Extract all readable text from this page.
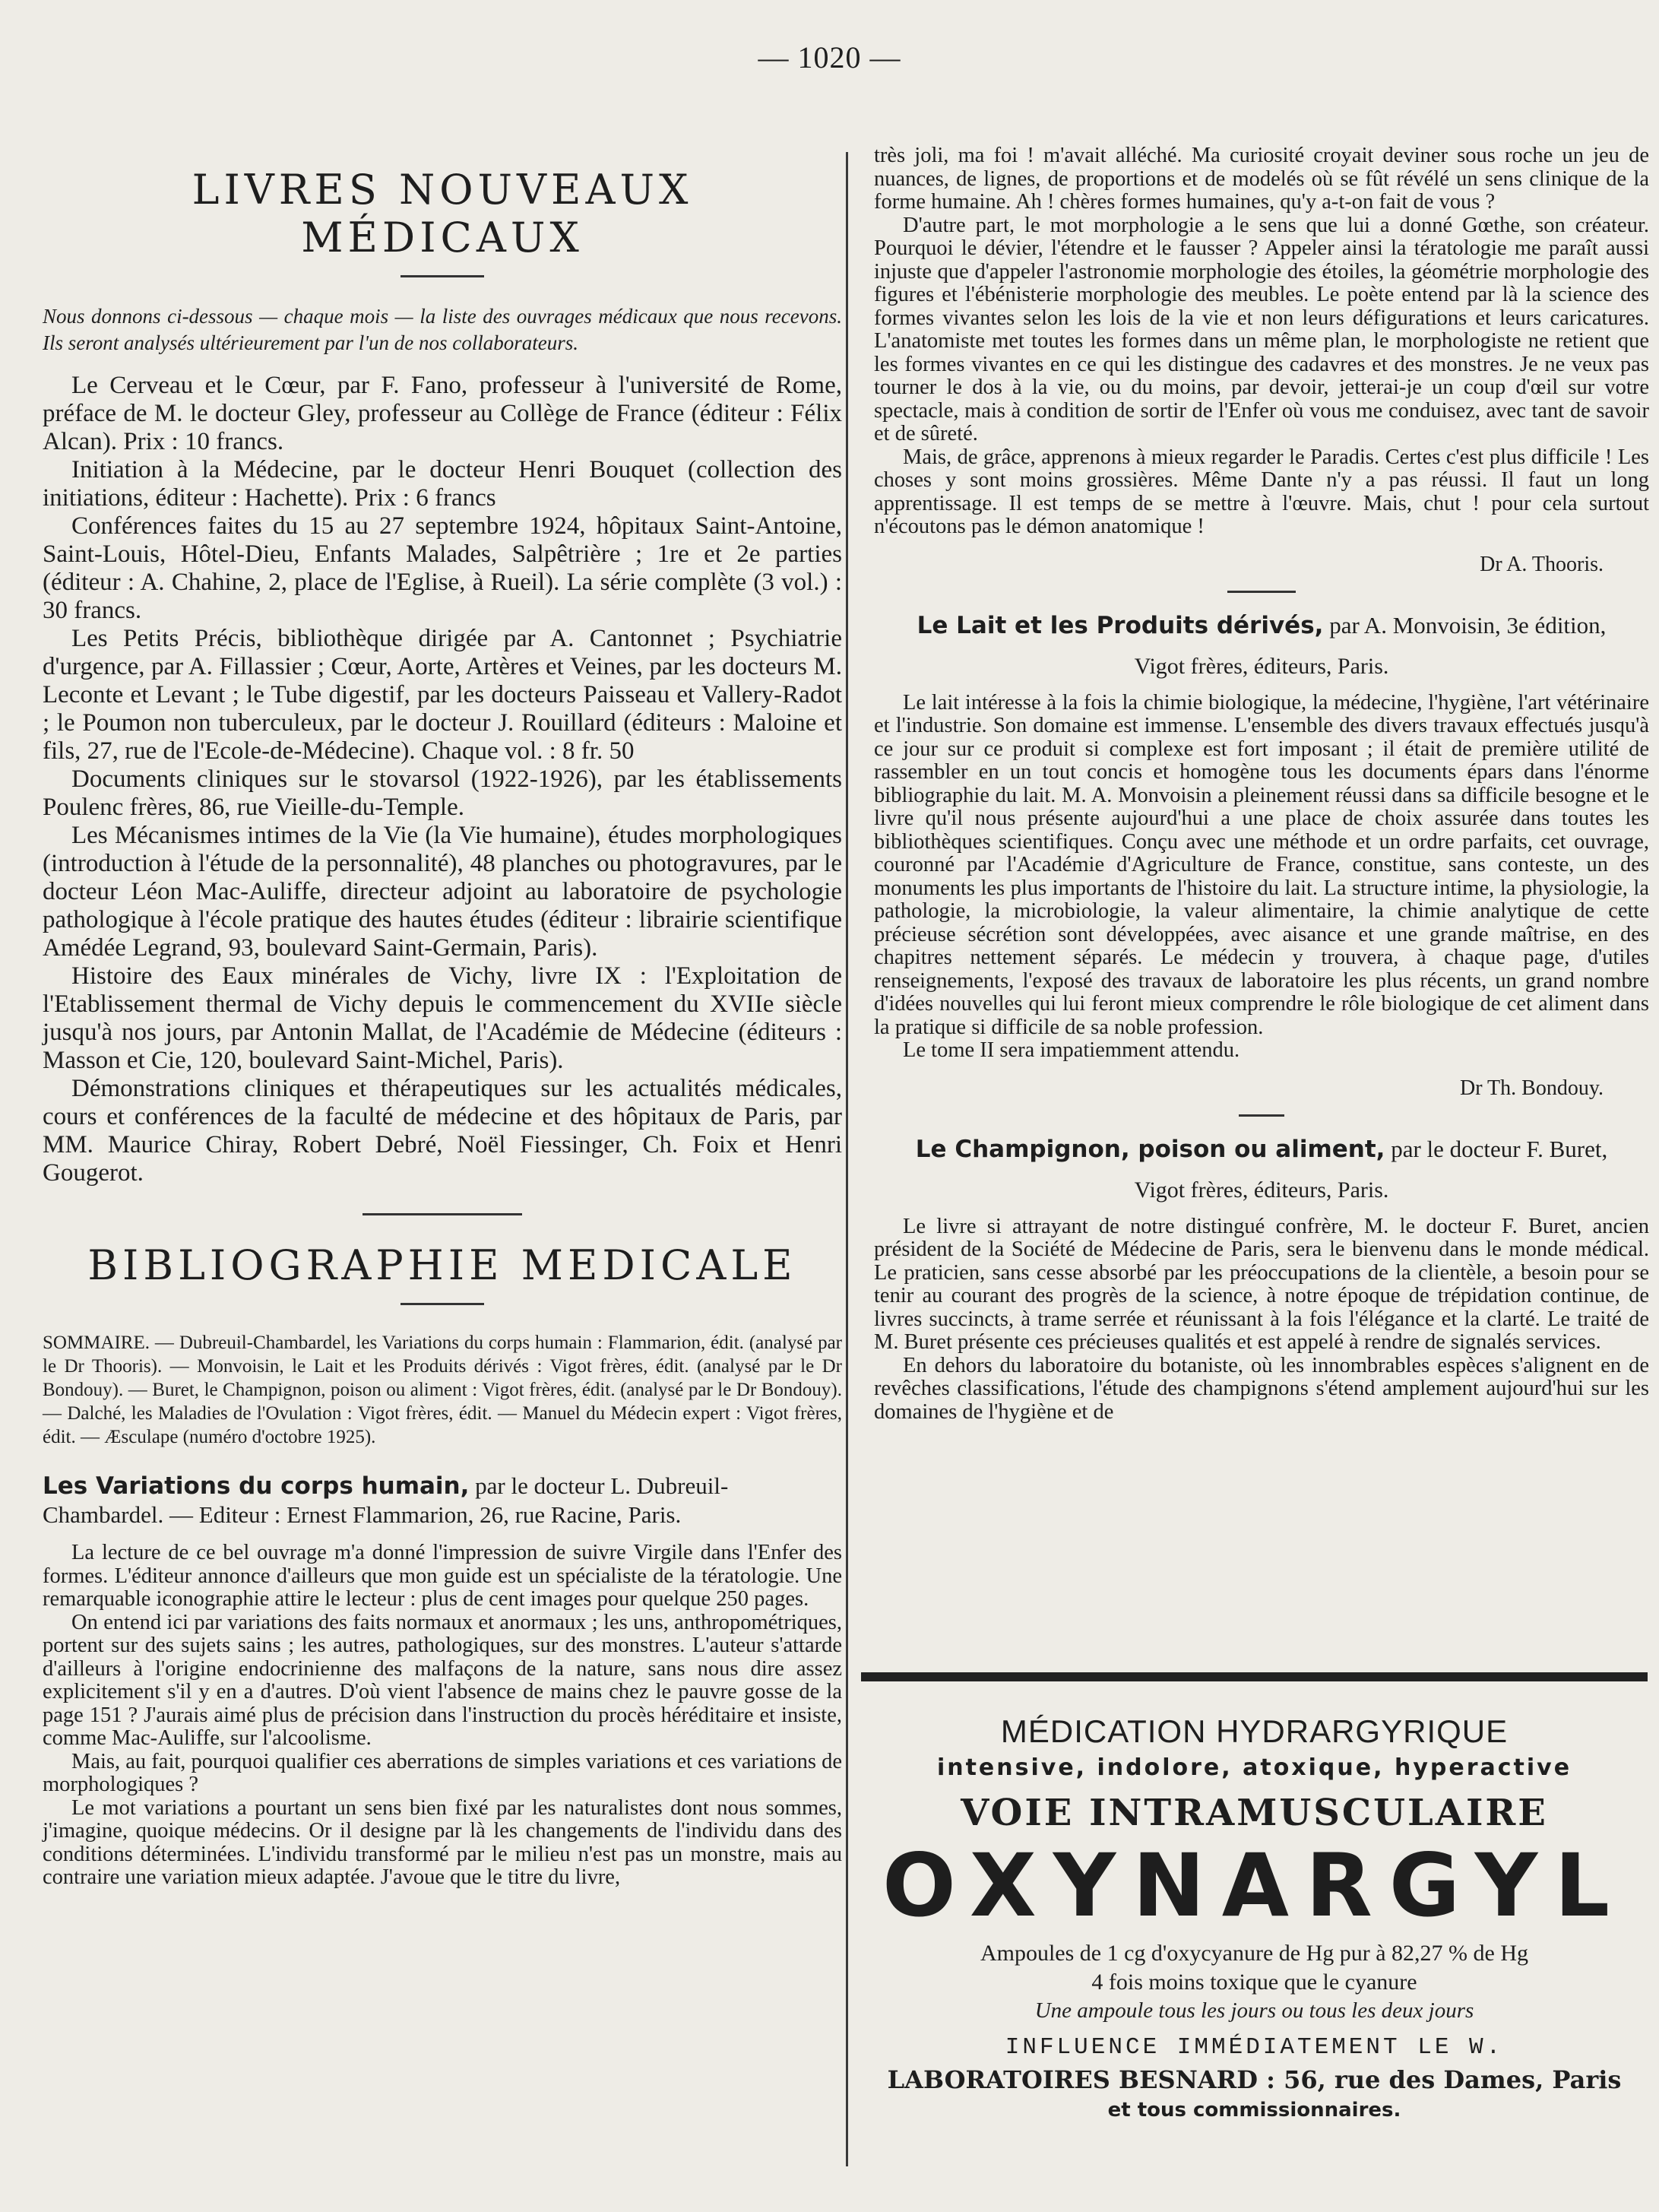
— 1020 —
LIVRES NOUVEAUX MÉDICAUX

Nous donnons ci-dessous — chaque mois — la liste des ouvrages médicaux que nous recevons. Ils seront analysés ultérieurement par l'un de nos collaborateurs.

Le Cerveau et le Cœur, par F. Fano, professeur à l'université de Rome, préface de M. le docteur Gley, professeur au Collège de France (éditeur : Félix Alcan). Prix : 10 francs.

Initiation à la Médecine, par le docteur Henri Bouquet (collection des initiations, éditeur : Hachette). Prix : 6 francs

Conférences faites du 15 au 27 septembre 1924, hôpitaux Saint-Antoine, Saint-Louis, Hôtel-Dieu, Enfants Malades, Salpêtrière ; 1re et 2e parties (éditeur : A. Chahine, 2, place de l'Eglise, à Rueil). La série complète (3 vol.) : 30 francs.

Les Petits Précis, bibliothèque dirigée par A. Cantonnet ; Psychiatrie d'urgence, par A. Fillassier ; Cœur, Aorte, Artères et Veines, par les docteurs M. Leconte et Levant ; le Tube digestif, par les docteurs Paisseau et Vallery-Radot ; le Poumon non tuberculeux, par le docteur J. Rouillard (éditeurs : Maloine et fils, 27, rue de l'Ecole-de-Médecine). Chaque vol. : 8 fr. 50

Documents cliniques sur le stovarsol (1922-1926), par les établissements Poulenc frères, 86, rue Vieille-du-Temple.

Les Mécanismes intimes de la Vie (la Vie humaine), études morphologiques (introduction à l'étude de la personnalité), 48 planches ou photogravures, par le docteur Léon Mac-Auliffe, directeur adjoint au laboratoire de psychologie pathologique à l'école pratique des hautes études (éditeur : librairie scientifique Amédée Legrand, 93, boulevard Saint-Germain, Paris).

Histoire des Eaux minérales de Vichy, livre IX : l'Exploitation de l'Etablissement thermal de Vichy depuis le commencement du XVIIe siècle jusqu'à nos jours, par Antonin Mallat, de l'Académie de Médecine (éditeurs : Masson et Cie, 120, boulevard Saint-Michel, Paris).

Démonstrations cliniques et thérapeutiques sur les actualités médicales, cours et conférences de la faculté de médecine et des hôpitaux de Paris, par MM. Maurice Chiray, Robert Debré, Noël Fiessinger, Ch. Foix et Henri Gougerot.

BIBLIOGRAPHIE MEDICALE

SOMMAIRE. — Dubreuil-Chambardel, les Variations du corps humain : Flammarion, édit. (analysé par le Dr Thooris). — Monvoisin, le Lait et les Produits dérivés : Vigot frères, édit. (analysé par le Dr Bondouy). — Buret, le Champignon, poison ou aliment : Vigot frères, édit. (analysé par le Dr Bondouy). — Dalché, les Maladies de l'Ovulation : Vigot frères, édit. — Manuel du Médecin expert : Vigot frères, édit. — Æsculape (numéro d'octobre 1925).

Les Variations du corps humain, par le docteur L. Dubreuil-Chambardel. — Editeur : Ernest Flammarion, 26, rue Racine, Paris.

La lecture de ce bel ouvrage m'a donné l'impression de suivre Virgile dans l'Enfer des formes. L'éditeur annonce d'ailleurs que mon guide est un spécialiste de la tératologie. Une remarquable iconographie attire le lecteur : plus de cent images pour quelque 250 pages.

On entend ici par variations des faits normaux et anormaux ; les uns, anthropométriques, portent sur des sujets sains ; les autres, pathologiques, sur des monstres. L'auteur s'attarde d'ailleurs à l'origine endocrinienne des malfaçons de la nature, sans nous dire assez explicitement s'il y en a d'autres. D'où vient l'absence de mains chez le pauvre gosse de la page 151 ? J'aurais aimé plus de précision dans l'instruction du procès héréditaire et insiste, comme Mac-Auliffe, sur l'alcoolisme.

Mais, au fait, pourquoi qualifier ces aberrations de simples variations et ces variations de morphologiques ?

Le mot variations a pourtant un sens bien fixé par les naturalistes dont nous sommes, j'imagine, quoique médecins. Or il designe par là les changements de l'individu dans des conditions déterminées. L'individu transformé par le milieu n'est pas un monstre, mais au contraire une variation mieux adaptée. J'avoue que le titre du livre,

très joli, ma foi ! m'avait alléché. Ma curiosité croyait deviner sous roche un jeu de nuances, de lignes, de proportions et de modelés où se fût révélé un sens clinique de la forme humaine. Ah ! chères formes humaines, qu'y a-t-on fait de vous ?

D'autre part, le mot morphologie a le sens que lui a donné Gœthe, son créateur. Pourquoi le dévier, l'étendre et le fausser ? Appeler ainsi la tératologie me paraît aussi injuste que d'appeler l'astronomie morphologie des étoiles, la géométrie morphologie des figures et l'ébénisterie morphologie des meubles. Le poète entend par là la science des formes vivantes selon les lois de la vie et non leurs défigurations et leurs caricatures. L'anatomiste met toutes les formes dans un même plan, le morphologiste ne retient que les formes vivantes en ce qui les distingue des cadavres et des monstres. Je ne veux pas tourner le dos à la vie, ou du moins, par devoir, jetterai-je un coup d'œil sur votre spectacle, mais à condition de sortir de l'Enfer où vous me conduisez, avec tant de savoir et de sûreté.

Mais, de grâce, apprenons à mieux regarder le Paradis. Certes c'est plus difficile ! Les choses y sont moins grossières. Même Dante n'y a pas réussi. Il faut un long apprentissage. Il est temps de se mettre à l'œuvre. Mais, chut ! pour cela surtout n'écoutons pas le démon anatomique !

Dr A. Thooris.
Le Lait et les Produits dérivés, par A. Monvoisin, 3e édition,
Vigot frères, éditeurs, Paris.

Le lait intéresse à la fois la chimie biologique, la médecine, l'hygiène, l'art vétérinaire et l'industrie. Son domaine est immense. L'ensemble des divers travaux effectués jusqu'à ce jour sur ce produit si complexe est fort imposant ; il était de première utilité de rassembler en un tout concis et homogène tous les documents épars dans l'énorme bibliographie du lait. M. A. Monvoisin a pleinement réussi dans sa difficile besogne et le livre qu'il nous présente aujourd'hui a une place de choix assurée dans toutes les bibliothèques scientifiques. Conçu avec une méthode et un ordre parfaits, cet ouvrage, couronné par l'Académie d'Agriculture de France, constitue, sans conteste, un des monuments les plus importants de l'histoire du lait. La structure intime, la physiologie, la pathologie, la microbiologie, la valeur alimentaire, la chimie analytique de cette précieuse sécrétion sont développées, avec aisance et une grande maîtrise, en des chapitres nettement séparés. Le médecin y trouvera, à chaque page, d'utiles renseignements, l'exposé des travaux de laboratoire les plus récents, un grand nombre d'idées nouvelles qui lui feront mieux comprendre le rôle biologique de cet aliment dans la pratique si difficile de sa noble profession.

Le tome II sera impatiemment attendu.

Dr Th. Bondouy.
Le Champignon, poison ou aliment, par le docteur F. Buret,
Vigot frères, éditeurs, Paris.

Le livre si attrayant de notre distingué confrère, M. le docteur F. Buret, ancien président de la Société de Médecine de Paris, sera le bienvenu dans le monde médical. Le praticien, sans cesse absorbé par les préoccupations de la clientèle, a besoin pour se tenir au courant des progrès de la science, à notre époque de trépidation continue, de livres succincts, à trame serrée et réunissant à la fois l'élégance et la clarté. Le traité de M. Buret présente ces précieuses qualités et est appelé à rendre de signalés services.

En dehors du laboratoire du botaniste, où les innombrables espèces s'alignent en de revêches classifications, l'étude des champignons s'étend amplement aujourd'hui sur les domaines de l'hygiène et de

MÉDICATION HYDRARGYRIQUE
intensive, indolore, atoxique, hyperactive
VOIE INTRAMUSCULAIRE
OXYNARGYL
Ampoules de 1 cg d'oxycyanure de Hg pur à 82,27 % de Hg
4 fois moins toxique que le cyanure
Une ampoule tous les jours ou tous les deux jours
INFLUENCE IMMÉDIATEMENT LE W.
LABORATOIRES BESNARD : 56, rue des Dames, Paris
et tous commissionnaires.
